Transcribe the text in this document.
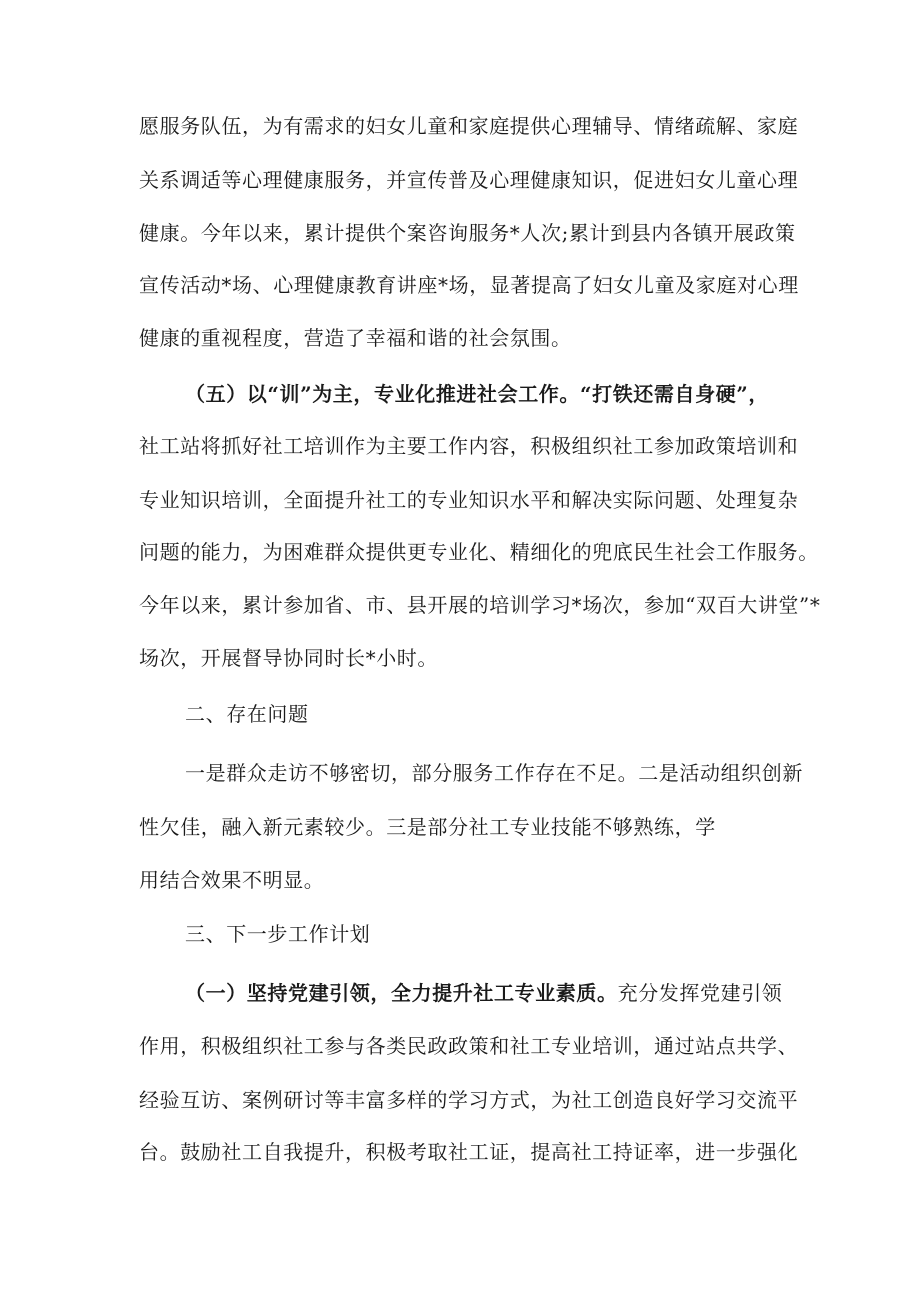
愿服务队伍，为有需求的妇女儿童和家庭提供心理辅导、情绪疏解、家庭
关系调适等心理健康服务，并宣传普及心理健康知识，促进妇女儿童心理
健康。今年以来，累计提供个案咨询服务*人次;累计到县内各镇开展政策
宣传活动*场、心理健康教育讲座*场，显著提高了妇女儿童及家庭对心理
健康的重视程度，营造了幸福和谐的社会氛围。
（五）以“训”为主，专业化推进社会工作。“打铁还需自身硬”，
社工站将抓好社工培训作为主要工作内容，积极组织社工参加政策培训和
专业知识培训，全面提升社工的专业知识水平和解决实际问题、处理复杂
问题的能力，为困难群众提供更专业化、精细化的兜底民生社会工作服务。
今年以来，累计参加省、市、县开展的培训学习*场次，参加“双百大讲堂”*
场次，开展督导协同时长*小时。
二、存在问题
一是群众走访不够密切，部分服务工作存在不足。二是活动组织创新
性欠佳，融入新元素较少。三是部分社工专业技能不够熟练，学
用结合效果不明显。
三、下一步工作计划
（一）坚持党建引领，全力提升社工专业素质。充分发挥党建引领
作用，积极组织社工参与各类民政政策和社工专业培训，通过站点共学、
经验互访、案例研讨等丰富多样的学习方式，为社工创造良好学习交流平
台。鼓励社工自我提升，积极考取社工证，提高社工持证率，进一步强化
